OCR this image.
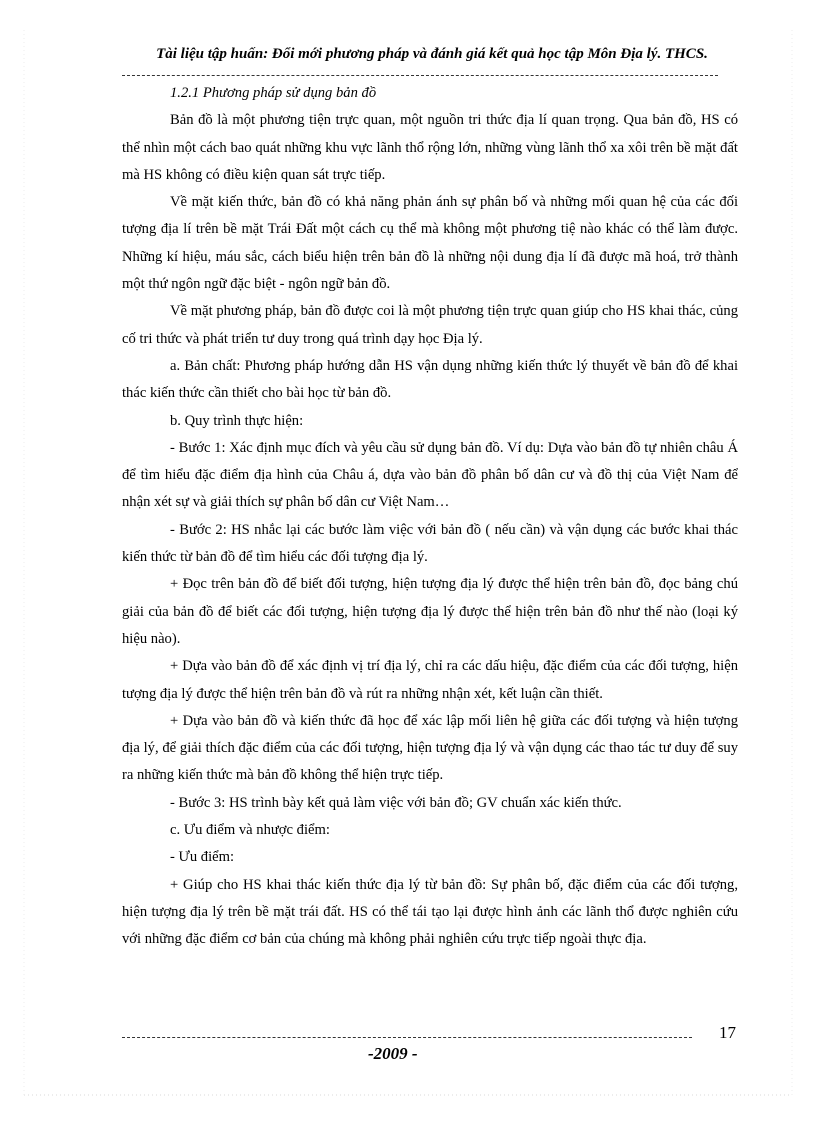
Tài liệu tập huấn: Đổi mới phương pháp và đánh giá kết quả học tập Môn Địa lý. THCS.

1.2.1 Phương pháp sử dụng bản đồ

Bản đồ là một phương tiện trực quan, một nguồn tri thức địa lí quan trọng. Qua bản đồ, HS có thể nhìn một cách bao quát những khu vực lãnh thổ rộng lớn, những vùng lãnh thổ xa xôi trên bề mặt đất mà HS không có điều kiện quan sát trực tiếp.

Về mặt kiến thức, bản đồ có khả năng phản ánh sự phân bố và những mối quan hệ của các đối tượng địa lí trên bề mặt Trái Đất một cách cụ thể mà không một phương tiệ nào khác có thể làm được. Những kí hiệu, máu sắc, cách biểu hiện trên bản đồ là những nội dung địa lí đã được mã hoá, trở thành một thứ ngôn ngữ đặc biệt - ngôn ngữ bản đồ.

Về mặt phương pháp, bản đồ được coi là một phương tiện trực quan giúp cho HS khai thác, củng cố tri thức và phát triển tư duy trong quá trình dạy học Địa lý.

a. Bản chất: Phương pháp hướng dẫn HS vận dụng những kiến thức lý thuyết về bản đồ để khai thác kiến thức cần thiết cho bài học từ bản đồ.

b. Quy trình thực hiện:

- Bước 1: Xác định mục đích và yêu cầu sử dụng bản đồ. Ví dụ: Dựa vào bản đồ tự nhiên châu Á để tìm hiểu đặc điểm địa hình của Châu á, dựa vào bản đồ phân bố dân cư và đồ thị của Việt Nam để nhận xét sự và giải thích sự phân bố dân cư Việt Nam…

- Bước 2: HS nhắc lại các bước làm việc với bản đồ ( nếu cần) và vận dụng các bước khai thác kiến thức từ bản đồ để tìm hiểu các đối tượng địa lý.

+ Đọc trên bản đồ để biết đối tượng, hiện tượng địa lý được thể hiện trên bản đồ, đọc bảng chú giải của bản đồ để biết các đối tượng, hiện tượng địa lý được thể hiện trên bản đồ như thế nào (loại ký hiệu nào).

+ Dựa vào bản đồ để xác định vị trí địa lý, chỉ ra các dấu hiệu, đặc điểm của các đối tượng, hiện tượng địa lý được thể hiện trên bản đồ và rút ra những nhận xét, kết luận cần thiết.

+ Dựa vào bản đồ và kiến thức đã học để xác lập mối liên hệ giữa các đối tượng và hiện tượng địa lý, để giải thích đặc điểm của các đối tượng, hiện tượng địa lý và vận dụng các thao tác tư duy để suy ra những kiến thức mà bản đồ không thể hiện trực tiếp.

- Bước 3: HS trình bày kết quả làm việc với bản đồ; GV chuẩn xác kiến thức.

c. Ưu điểm và nhược điểm:

- Ưu điểm:

+ Giúp cho HS khai thác kiến thức địa lý từ bản đồ: Sự phân bố, đặc điểm của các đối tượng, hiện tượng địa lý trên bề mặt trái đất. HS có thể tái tạo lại được hình ảnh các lãnh thổ được nghiên cứu với những đặc điểm cơ bản của chúng mà không phải nghiên cứu trực tiếp ngoài thực địa.

17
-2009 -
